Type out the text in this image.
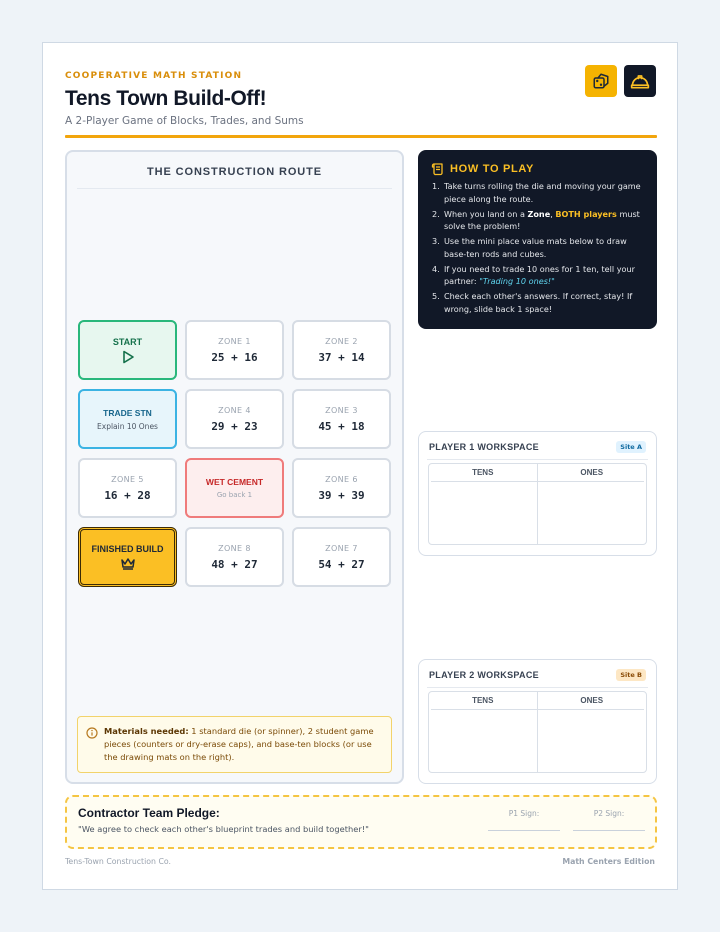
COOPERATIVE MATH STATION
Tens Town Build-Off!
A 2-Player Game of Blocks, Trades, and Sums
THE CONSTRUCTION ROUTE
START	ZONE 1
25 + 16
ZONE 2
37 + 14
TRADE STN
Explain 10 Ones
ZONE 4
29 + 23
ZONE 3
45 + 18
ZONE 5
16 + 28
WET CEMENT
Go back 1
ZONE 6
39 + 39
FINISHED BUILD	ZONE 8
48 + 27
ZONE 7
54 + 27
Materials needed: 1 standard die (or spinner), 2 student game pieces (counters or dry-erase caps), and base-ten blocks (or use the drawing mats on the right).
HOW TO PLAY
1. Take turns rolling the die and moving your game piece along the route.
2. When you land on a Zone, BOTH players must solve the problem!
3. Use the mini place value mats below to draw base-ten rods and cubes.
4. If you need to trade 10 ones for 1 ten, tell your partner: "Trading 10 ones!"
5. Check each other's answers. If correct, stay! If wrong, slide back 1 space!
PLAYER 1 WORKSPACE	Site A
TENS	ONES
PLAYER 2 WORKSPACE	Site B
TENS	ONES
Contractor Team Pledge:
"We agree to check each other's blueprint trades and build together!"
P1 Sign:	P2 Sign:
Tens-Town Construction Co.	Math Centers Edition
